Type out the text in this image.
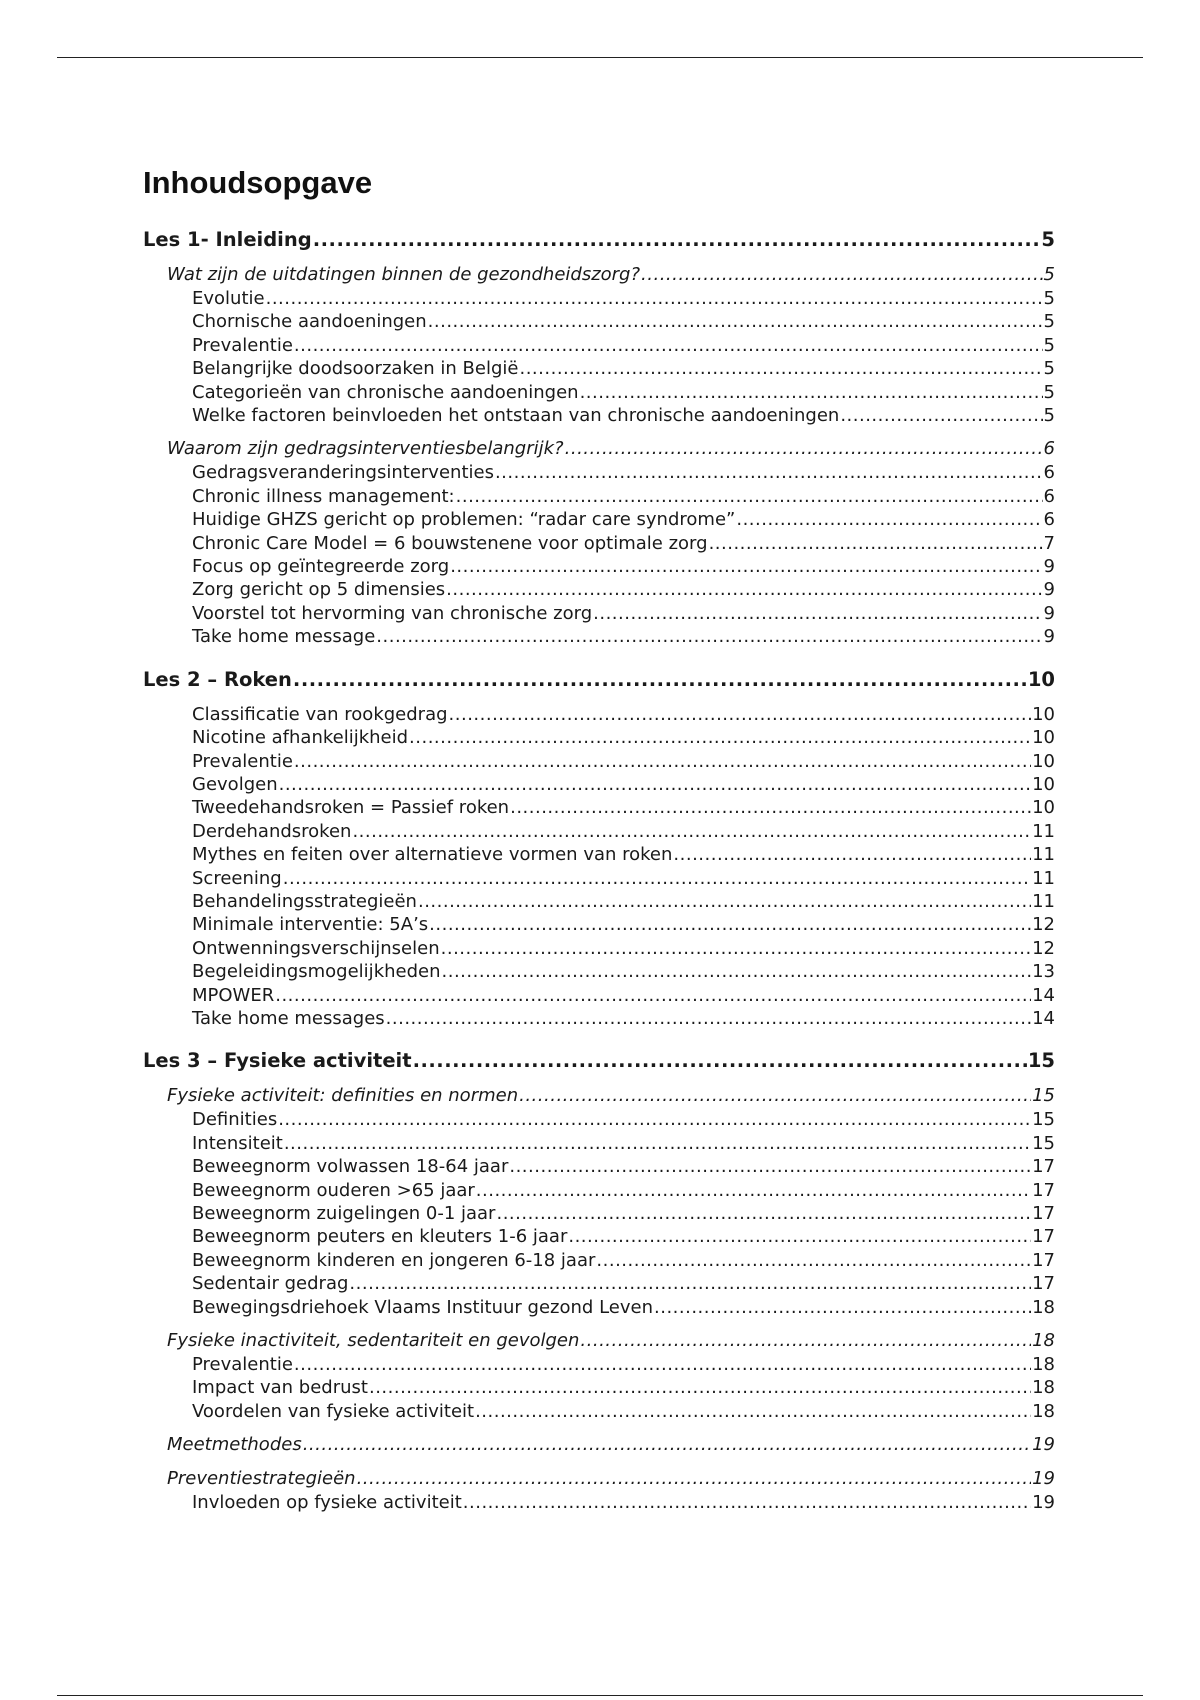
Inhoudsopgave
Les 1- Inleiding .....	5
Wat zijn de uitdatingen binnen de gezondheidszorg? .....	5
Evolutie .....	5
Chornische aandoeningen .....	5
Prevalentie .....	5
Belangrijke doodsoorzaken in België .....	5
Categorieën van chronische aandoeningen .....	5
Welke factoren beinvloeden het ontstaan van chronische aandoeningen .....	5
Waarom zijn gedragsinterventiesbelangrijk? .....	6
Gedragsveranderingsinterventies .....	6
Chronic illness management: .....	6
Huidige GHZS gericht op problemen: “radar care syndrome” .....	6
Chronic Care Model = 6 bouwstenene voor optimale zorg .....	7
Focus op geïntegreerde zorg .....	9
Zorg gericht op 5 dimensies .....	9
Voorstel tot hervorming van chronische zorg .....	9
Take home message .....	9
Les 2 – Roken .....	10
Classificatie van rookgedrag .....	10
Nicotine afhankelijkheid .....	10
Prevalentie .....	10
Gevolgen .....	10
Tweedehandsroken = Passief roken .....	10
Derdehandsroken .....	11
Mythes en feiten over alternatieve vormen van roken .....	11
Screening .....	11
Behandelingsstrategieën .....	11
Minimale interventie: 5A’s .....	12
Ontwenningsverschijnselen .....	12
Begeleidingsmogelijkheden .....	13
MPOWER .....	14
Take home messages .....	14
Les 3 – Fysieke activiteit .....	15
Fysieke activiteit: definities en normen .....	15
Definities .....	15
Intensiteit .....	15
Beweegnorm volwassen 18-64 jaar .....	17
Beweegnorm ouderen >65 jaar .....	17
Beweegnorm zuigelingen 0-1 jaar .....	17
Beweegnorm peuters en kleuters 1-6 jaar .....	17
Beweegnorm kinderen en jongeren 6-18 jaar .....	17
Sedentair gedrag .....	17
Bewegingsdriehoek Vlaams Instituur gezond Leven .....	18
Fysieke inactiviteit, sedentariteit en gevolgen .....	18
Prevalentie .....	18
Impact van bedrust .....	18
Voordelen van fysieke activiteit .....	18
Meetmethodes .....	19
Preventiestrategieën .....	19
Invloeden op fysieke activiteit .....	19
